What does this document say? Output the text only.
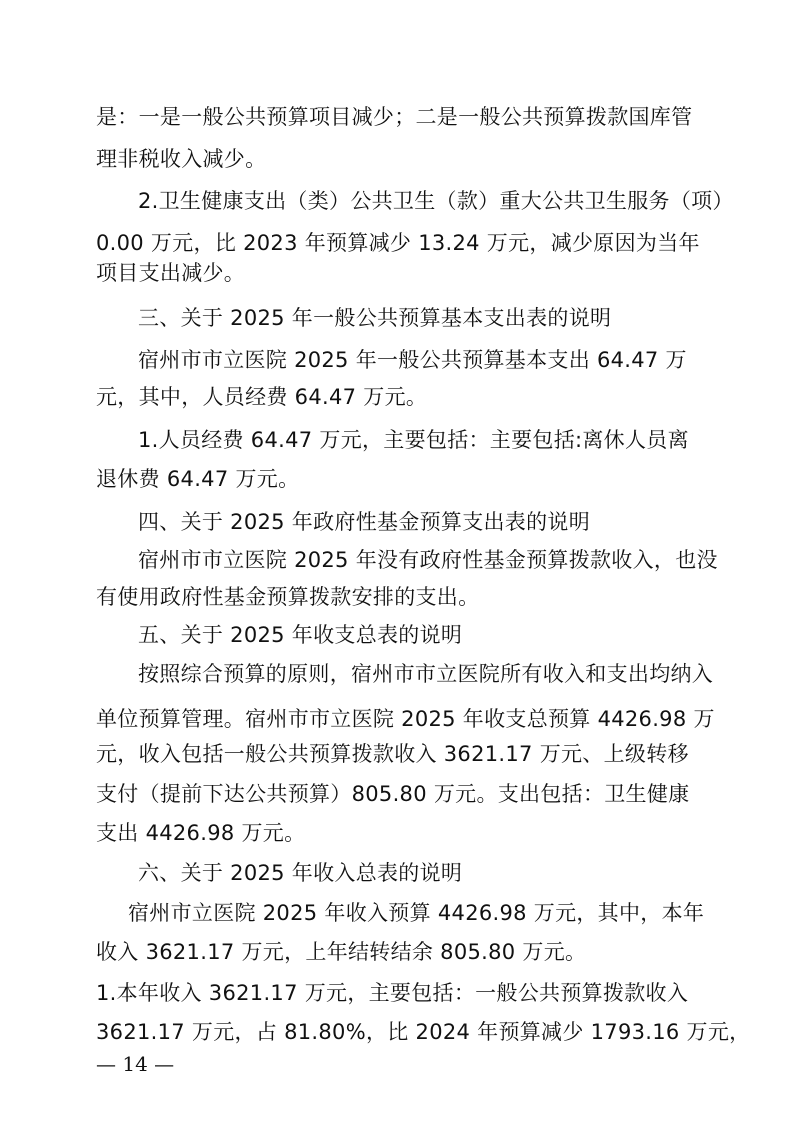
是：一是一般公共预算项目减少；二是一般公共预算拨款国库管
理非税收入减少。
2.卫生健康支出（类）公共卫生（款）重大公共卫生服务（项）
0.00 万元，比 2023 年预算减少 13.24 万元，减少原因为当年
项目支出减少。
三、关于 2025 年一般公共预算基本支出表的说明
宿州市市立医院 2025 年一般公共预算基本支出 64.47 万
元，其中，人员经费 64.47 万元。
1.人员经费 64.47 万元，主要包括：主要包括:离休人员离
退休费 64.47 万元。
四、关于 2025 年政府性基金预算支出表的说明
宿州市市立医院 2025 年没有政府性基金预算拨款收入，也没
有使用政府性基金预算拨款安排的支出。
五、关于 2025 年收支总表的说明
按照综合预算的原则，宿州市市立医院所有收入和支出均纳入
单位预算管理。宿州市市立医院 2025 年收支总预算 4426.98 万
元，收入包括一般公共预算拨款收入 3621.17 万元、上级转移
支付（提前下达公共预算）805.80 万元。支出包括：卫生健康
支出 4426.98 万元。
六、关于 2025 年收入总表的说明
宿州市立医院 2025 年收入预算 4426.98 万元，其中，本年
收入 3621.17 万元，上年结转结余 805.80 万元。
1.本年收入 3621.17 万元，主要包括：一般公共预算拨款收入
3621.17 万元，占 81.80%，比 2024 年预算减少 1793.16 万元，
— 14 —
